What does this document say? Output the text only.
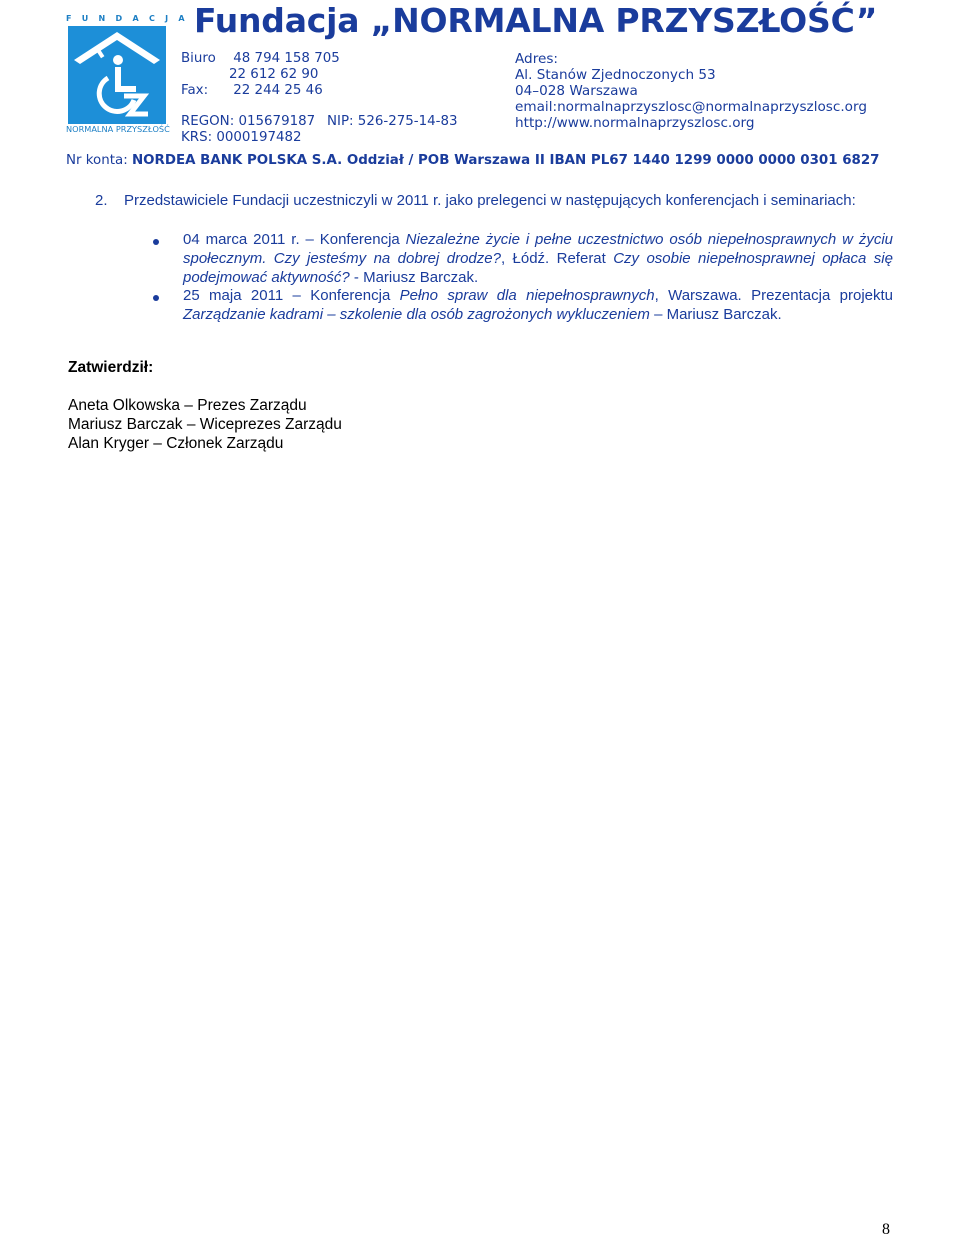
FUNDACJA
NORMALNA PRZYSZŁOŚĆ
Fundacja „NORMALNA PRZYSZŁOŚĆ”
Biuro 48 794 158 705
22 612 62 90
Fax: 22 244 25 46
REGON: 015679187 NIP: 526-275-14-83
KRS: 0000197482
Adres:
Al. Stanów Zjednoczonych 53
04–028 Warszawa
email:normalnaprzyszlosc@normalnaprzyszlosc.org
http://www.normalnaprzyszlosc.org
Nr konta: NORDEA BANK POLSKA S.A. Oddział / POB Warszawa II IBAN PL67 1440 1299 0000 0000 0301 6827
2. Przedstawiciele Fundacji uczestniczyli w 2011 r. jako prelegenci w następujących konferencjach i seminariach:
04 marca 2011 r. – Konferencja Niezależne życie i pełne uczestnictwo osób niepełnosprawnych w życiu społecznym. Czy jesteśmy na dobrej drodze?, Łódź. Referat Czy osobie niepełnosprawnej opłaca się podejmować aktywność? - Mariusz Barczak.
25 maja 2011 – Konferencja Pełno spraw dla niepełnosprawnych, Warszawa. Prezentacja projektu Zarządzanie kadrami – szkolenie dla osób zagrożonych wykluczeniem – Mariusz Barczak.
Zatwierdził:
Aneta Olkowska – Prezes Zarządu
Mariusz Barczak – Wiceprezes Zarządu
Alan Kryger – Członek Zarządu
8
